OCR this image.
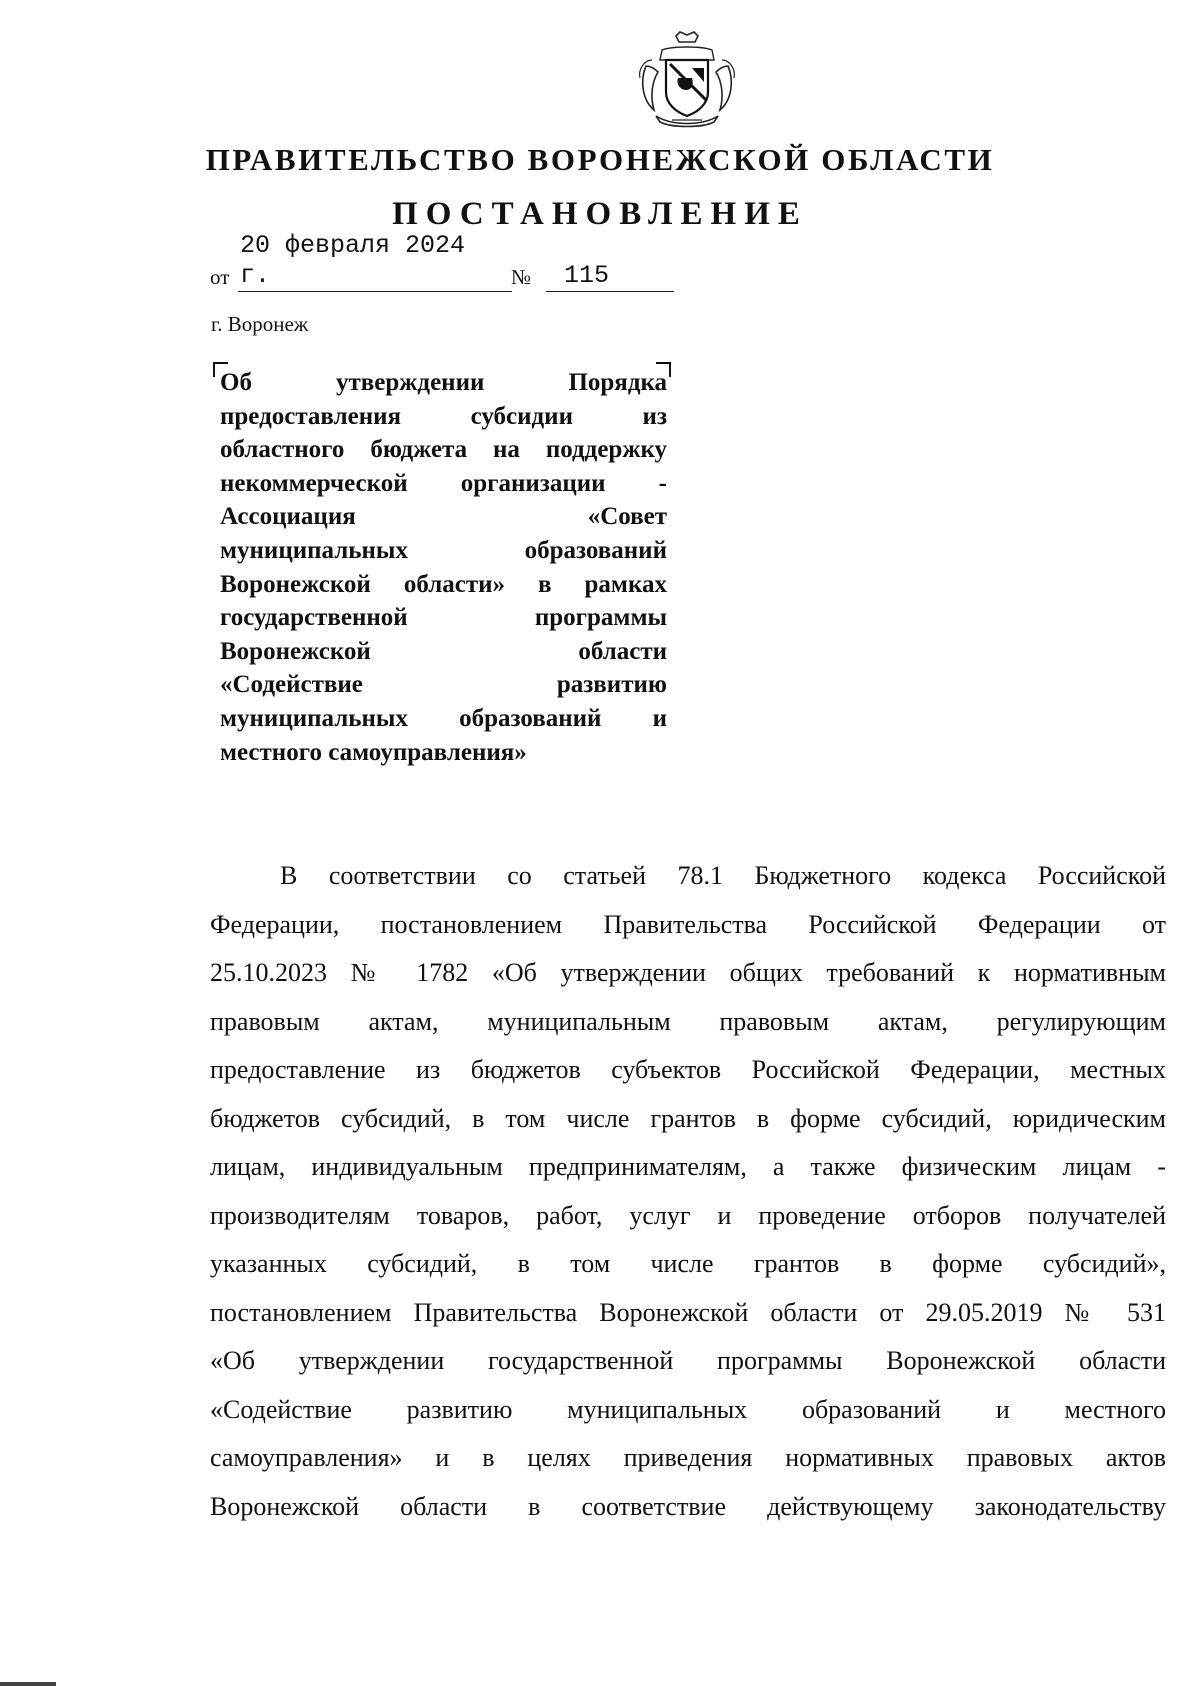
ПРАВИТЕЛЬСТВО ВОРОНЕЖСКОЙ ОБЛАСТИ
ПОСТАНОВЛЕНИЕ
от
20 февраля 2024 г.	№	115
г. Воронеж
Об утверждении Порядка
предоставления субсидии из
областного бюджета на поддержку
некоммерческой организации -
Ассоциация «Совет
муниципальных образований
Воронежской области» в рамках
государственной программы
Воронежской области
«Содействие развитию
муниципальных образований и
местного самоуправления»
В соответствии со статьей 78.1 Бюджетного кодекса Российской
Федерации, постановлением Правительства Российской Федерации от
25.10.2023 № 1782 «Об утверждении общих требований к нормативным
правовым актам, муниципальным правовым актам, регулирующим
предоставление из бюджетов субъектов Российской Федерации, местных
бюджетов субсидий, в том числе грантов в форме субсидий, юридическим
лицам, индивидуальным предпринимателям, а также физическим лицам -
производителям товаров, работ, услуг и проведение отборов получателей
указанных субсидий, в том числе грантов в форме субсидий»,
постановлением Правительства Воронежской области от 29.05.2019 № 531
«Об утверждении государственной программы Воронежской области
«Содействие развитию муниципальных образований и местного
самоуправления» и в целях приведения нормативных правовых актов
Воронежской области в соответствие действующему законодательству
